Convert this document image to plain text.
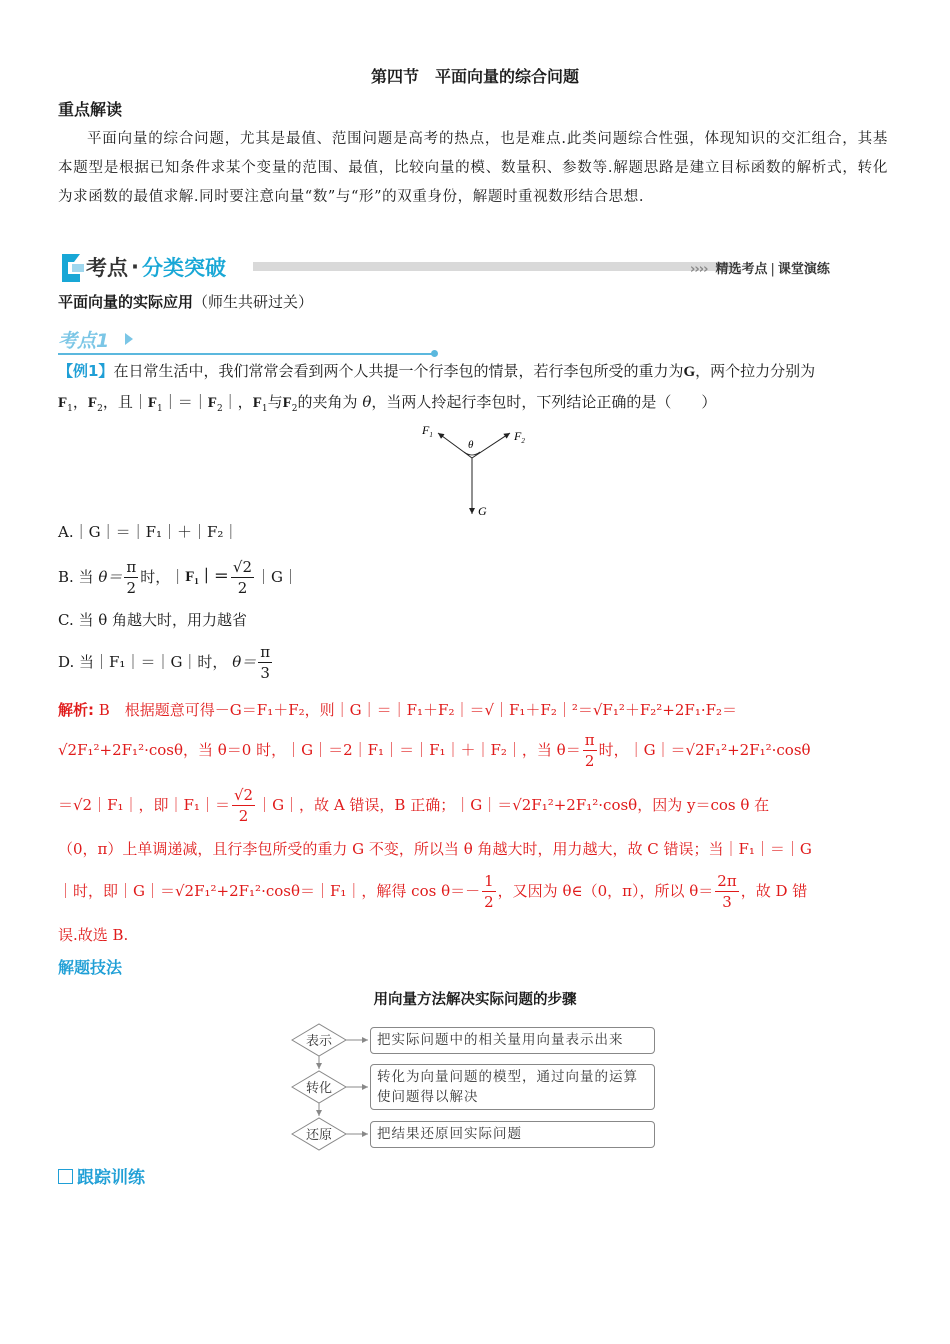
第四节　平面向量的综合问题
重点解读
平面向量的综合问题，尤其是最值、范围问题是高考的热点，也是难点.此类问题综合性强，体现知识的交汇组合，其基本题型是根据已知条件求某个变量的范围、最值，比较向量的模、数量积、参数等.解题思路是建立目标函数的解析式，转化为求函数的最值求解.同时要注意向量“数”与“形”的双重身份，解题时重视数形结合思想.
考点 · 分类突破	›››› 精选考点 | 课堂演练
平面向量的实际应用（师生共研过关）
考点1
【例1】在日常生活中，我们常常会看到两个人共提一个行李包的情景，若行李包所受的重力为G，两个拉力分别为
$F_1$，$F_2$，且$|F_1|=|F_2|$，$F_1$与$F_2$的夹角为 θ，当两人拎起行李包时，下列结论正确的是（　　）
$F_1$	$F_2$
θ
G
A.｜G｜＝｜F₁｜＋｜F₂｜
B. 当
$\theta= \frac{\pi}{2}$ 时，｜ F₁｜＝ $\frac{√2}{2}$ ｜G｜
C. 当 θ 角越大时，用力越省
D. 当｜F₁｜＝｜G｜时，
$\theta= \frac{\pi}{3}$
解析: B　根据题意可得－G＝F₁＋F₂，则｜G｜＝｜F₁＋F₂｜＝√｜F₁＋F₂｜²＝√F₁²＋F₂²+2F₁·F₂＝
√2F₁²+2F₁²·cosθ，当 θ＝0 时，｜G｜＝2｜F₁｜＝｜F₁｜＋｜F₂｜，当 $\theta= \frac{\pi}{2}$ 时，｜G｜＝√2F₁²+2F₁²·cosθ
＝√2｜F₁｜，即｜F₁｜＝ $\frac{√2}{2}$ ｜G｜，故 A 错误，B 正确；｜G｜＝√2F₁²+2F₁²·cosθ，因为 y＝cos θ 在
（0，π）上单调递减，且行李包所受的重力 G 不变，所以当 θ 角越大时，用力越大，故 C 错误；当｜F₁｜＝｜G
｜时，即｜G｜＝√2F₁²+2F₁²·cosθ＝｜F₁｜，解得 $\cos \theta=- \frac{1}{2}$ ，又因为 θ∈（0，π），所以 $\theta= \frac{2\pi}{3}$ ，故 D 错
误.故选 B.
解题技法
用向量方法解决实际问题的步骤
表示
转化
还原
把实际问题中的相关量用向量表示出来
转化为向量问题的模型，通过向量的运算使问题得以解决
把结果还原回实际问题
跟踪训练
